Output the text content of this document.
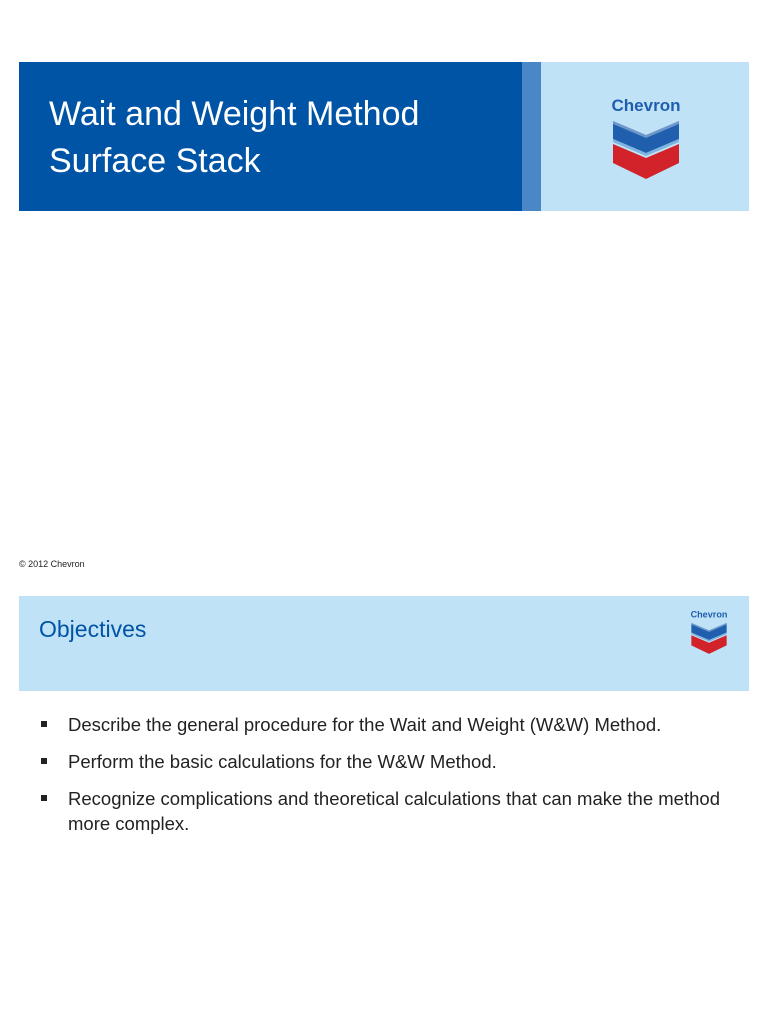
Wait and Weight Method
Surface Stack
Chevron
© 2012 Chevron
Objectives
Chevron
Describe the general procedure for the Wait and Weight (W&W) Method.
Perform the basic calculations for the W&W Method.
Recognize complications and theoretical calculations that can make the method more complex.
